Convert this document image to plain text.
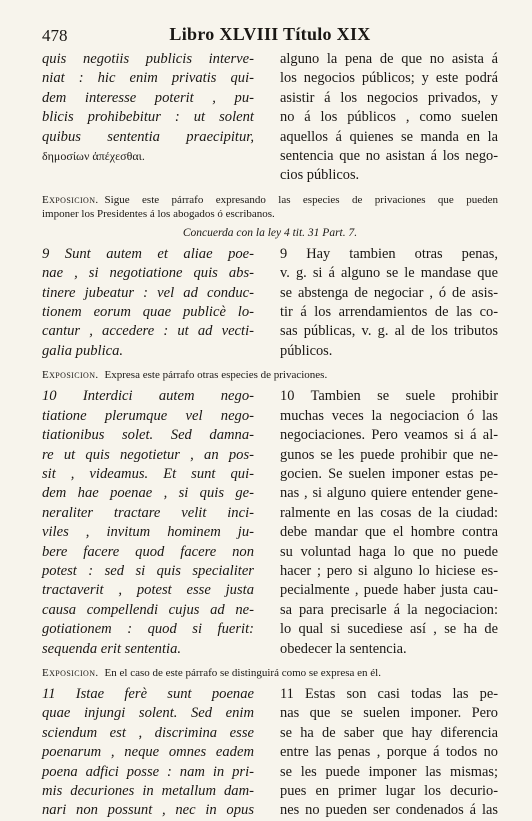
478	Libro XLVIII Título XIX
quis negotiis publicis interve-
niat : hic enim privatis qui-
dem interesse poterit , pu-
blicis prohibebitur : ut solent
quibus sententia praecipitur,
δημοσίων ἀπέχεσθαι.
alguno la pena de que no asista á
los negocios públicos; y este podrá
asistir á los negocios privados, y
no á los públicos , como suelen
aquellos á quienes se manda en la
sentencia que no asistan á los nego-
cios públicos.
Exposicion. Sigue este párrafo expresando las especies de privaciones que pueden
imponer los Presidentes á los abogados ó escribanos.
Concuerda con la ley 4 tit. 31 Part. 7.
9 Sunt autem et aliae poe-
nae , si negotiatione quis abs-
tinere jubeatur : vel ad conduc-
tionem eorum quae publicè lo-
cantur , accedere : ut ad vecti-
galia publica.
9 Hay tambien otras penas,
v. g. si á alguno se le mandase que
se abstenga de negociar , ó de asis-
tir á los arrendamientos de las co-
sas públicas, v. g. al de los tributos
públicos.
Exposicion. Expresa este párrafo otras especies de privaciones.
10 Interdici autem nego-
tiatione plerumque vel nego-
tiationibus solet. Sed damna-
re ut quis negotietur , an pos-
sit , videamus. Et sunt qui-
dem hae poenae , si quis ge-
neraliter tractare velit inci-
viles , invitum hominem ju-
bere facere quod facere non
potest : sed si quis specialiter
tractaverit , potest esse justa
causa compellendi cujus ad ne-
gotiationem : quod si fuerit:
sequenda erit sententia.
10 Tambien se suele prohibir
muchas veces la negociacion ó las
negociaciones. Pero veamos si á al-
gunos se les puede prohibir que ne-
gocien. Se suelen imponer estas pe-
nas , si alguno quiere entender gene-
ralmente en las cosas de la ciudad:
debe mandar que el hombre contra
su voluntad haga lo que no puede
hacer ; pero si alguno lo hiciese es-
pecialmente , puede haber justa cau-
sa para precisarle á la negociacion:
lo qual si sucediese así , se ha de
obedecer la sentencia.
Exposicion. En el caso de este párrafo se distinguirá como se expresa en él.
11 Istae ferè sunt poenae
quae injungi solent. Sed enim
sciendum est , discrimina esse
poenarum , neque omnes eadem
poena adfici posse : nam in pri-
mis decuriones in metallum dam-
nari non possunt , nec in opus
11 Estas son casi todas las pe-
nas que se suelen imponer. Pero
se ha de saber que hay diferencia
entre las penas , porque á todos no
se les puede imponer las mismas;
pues en primer lugar los decurio-
nes no pueden ser condenados á las
